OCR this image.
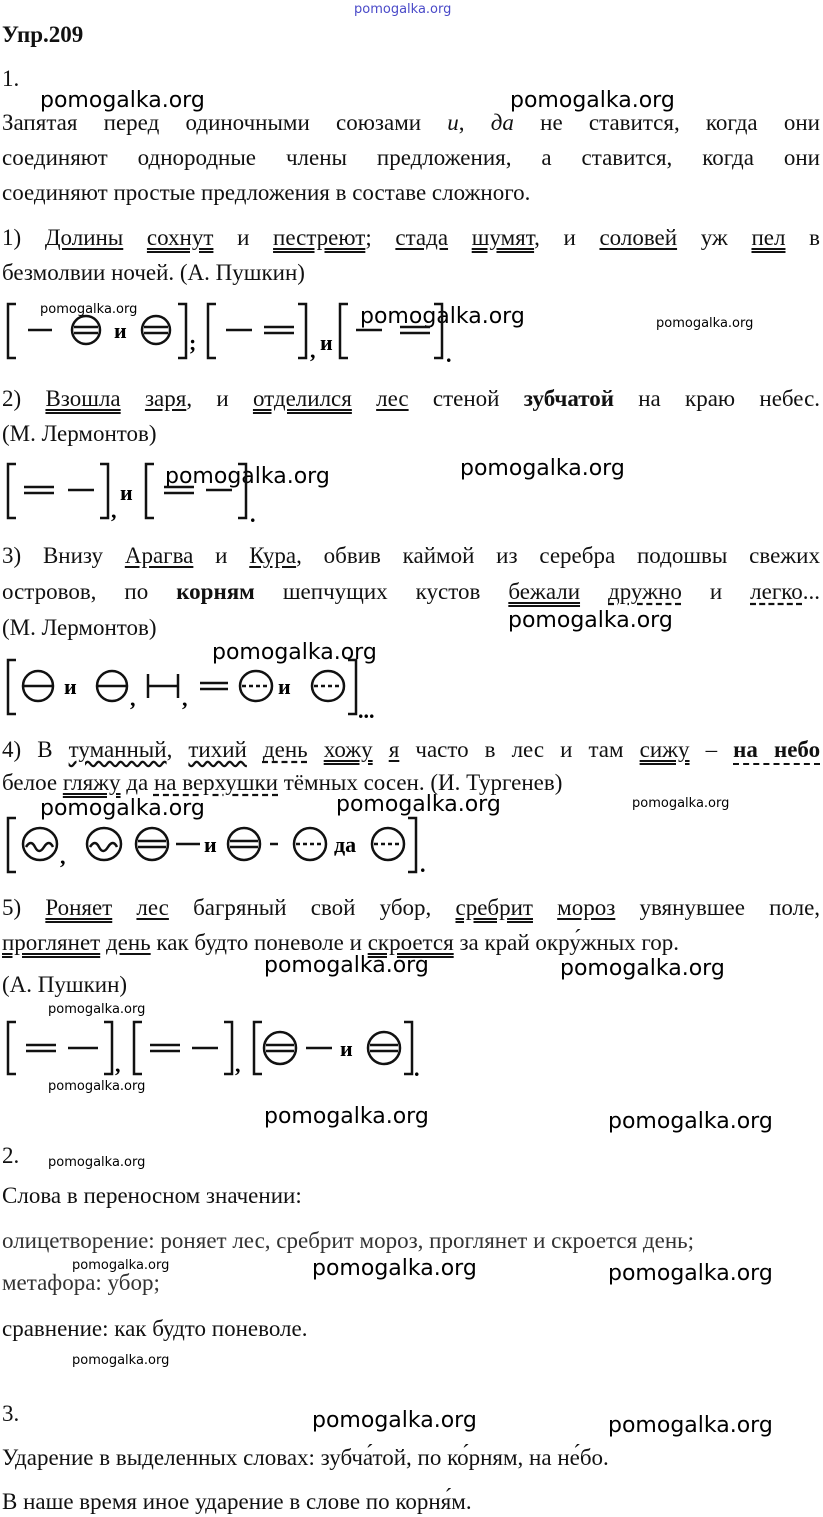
pomogalka.org
Упр.209
1.
pomogalka.org	pomogalka.org
Запятая перед одиночными союзами и, да не ставится, когда они
соединяют однородные члены предложения, а ставится, когда они
соединяют простые предложения в составе сложного.
1) Долины сохнут и пестреют; стада шумят, и соловей уж пел в
безмолвии ночей. (А. Пушкин)
pomogalka.org	pomogalka.org	pomogalka.org
и	;	, и	.
2) Взошла заря, и отделился лес стеной зубчатой на краю небес.
(М. Лермонтов)
pomogalka.org
pomogalka.org
,
и
.
3) Внизу Арагва и Кура, обвив каймой из серебра подошвы свежих
островов, по корням шепчущих кустов бежали дружно и легко...
(М. Лермонтов)	pomogalka.org
pomogalka.org
и , ,	и
...
4) В туманный, тихий день хожу я часто в лес и там сижу – на небо
белое гляжу да на верхушки тёмных сосен. (И. Тургенев)
pomogalka.org	pomogalka.org	pomogalka.org
,	и	да
.
5) Роняет лес багряный свой убор, сребрит мороз увянувшее поле,
проглянет день как будто поневоле и скроется за край окру́жных гор.
pomogalka.org	pomogalka.org
(А. Пушкин)
pomogalka.org
,	,
и
.
pomogalka.org
pomogalka.org	pomogalka.org
2. pomogalka.org
Слова в переносном значении:
олицетворение: роняет лес, сребрит мороз, проглянет и скроется день;
pomogalka.org	pomogalka.org	pomogalka.org
метафора: убор;
сравнение: как будто поневоле.
pomogalka.org
3.	pomogalka.org	pomogalka.org
Ударение в выделенных словах: зубча́той, по ко́рням, на не́бо.
В наше время иное ударение в слове по корня́м.
